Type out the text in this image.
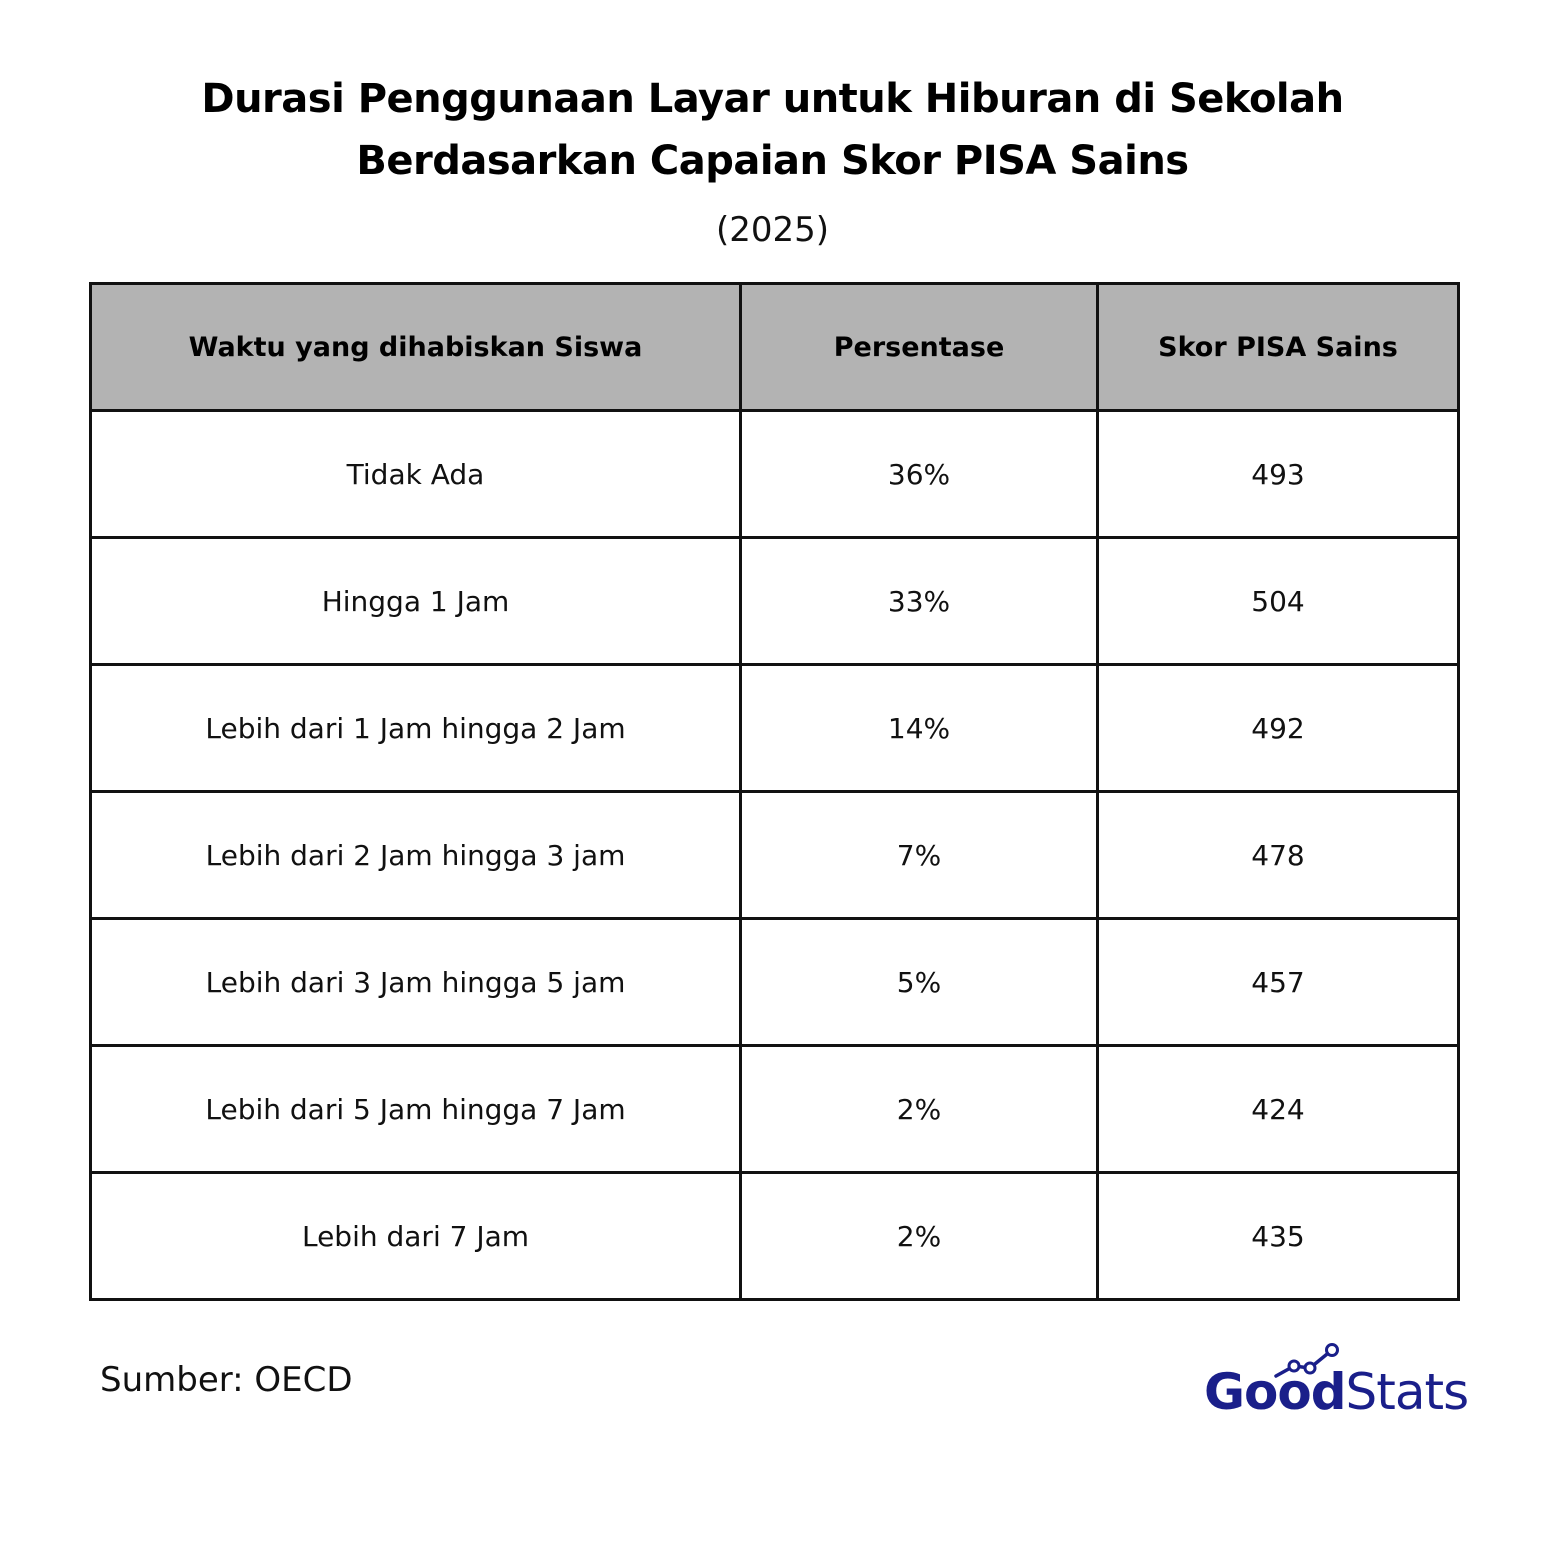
Durasi Penggunaan Layar untuk Hiburan di Sekolah
Berdasarkan Capaian Skor PISA Sains
(2025)
Waktu yang dihabiskan Siswa	Persentase	Skor PISA Sains
Tidak Ada	36%	493
Hingga 1 Jam	33%	504
Lebih dari 1 Jam hingga 2 Jam	14%	492
Lebih dari 2 Jam hingga 3 jam	7%	478
Lebih dari 3 Jam hingga 5 jam	5%	457
Lebih dari 5 Jam hingga 7 Jam	2%	424
Lebih dari 7 Jam	2%	435
Sumber: OECD	GoodStats
